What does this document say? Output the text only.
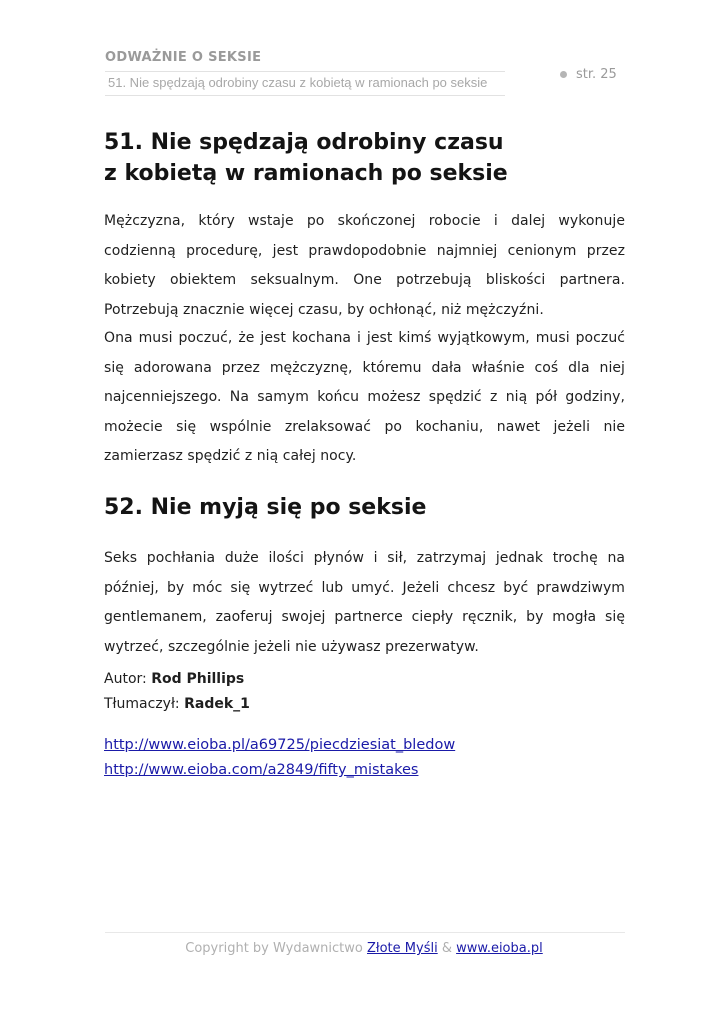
ODWAŻNIE O SEKSIE
51. Nie spędzają odrobiny czasu z kobietą w ramionach po seksie
str. 25
51. Nie spędzają odrobiny czasu
z kobietą w ramionach po seksie

Mężczyzna, który wstaje po skończonej robocie i dalej wykonuje codzienną procedurę, jest prawdopodobnie najmniej cenionym przez kobiety obiektem seksualnym. One potrzebują bliskości partnera. Potrzebują znacznie więcej czasu, by ochłonąć, niż mężczyźni.

Ona musi poczuć, że jest kochana i jest kimś wyjątkowym, musi poczuć się adorowana przez mężczyznę, któremu dała właśnie coś dla niej najcenniejszego. Na samym końcu możesz spędzić z nią pół godziny, możecie się wspólnie zrelaksować po kochaniu, nawet jeżeli nie zamierzasz spędzić z nią całej nocy.

52. Nie myją się po seksie

Seks pochłania duże ilości płynów i sił, zatrzymaj jednak trochę na później, by móc się wytrzeć lub umyć. Jeżeli chcesz być prawdziwym gentlemanem, zaoferuj swojej partnerce ciepły ręcznik, by mogła się wytrzeć, szczególnie jeżeli nie używasz prezerwatyw.

Autor: Rod Phillips
Tłumaczył: Radek_1
http://www.eioba.pl/a69725/piecdziesiat_bledow
http://www.eioba.com/a2849/fifty_mistakes
Copyright by Wydawnictwo Złote Myśli & www.eioba.pl
